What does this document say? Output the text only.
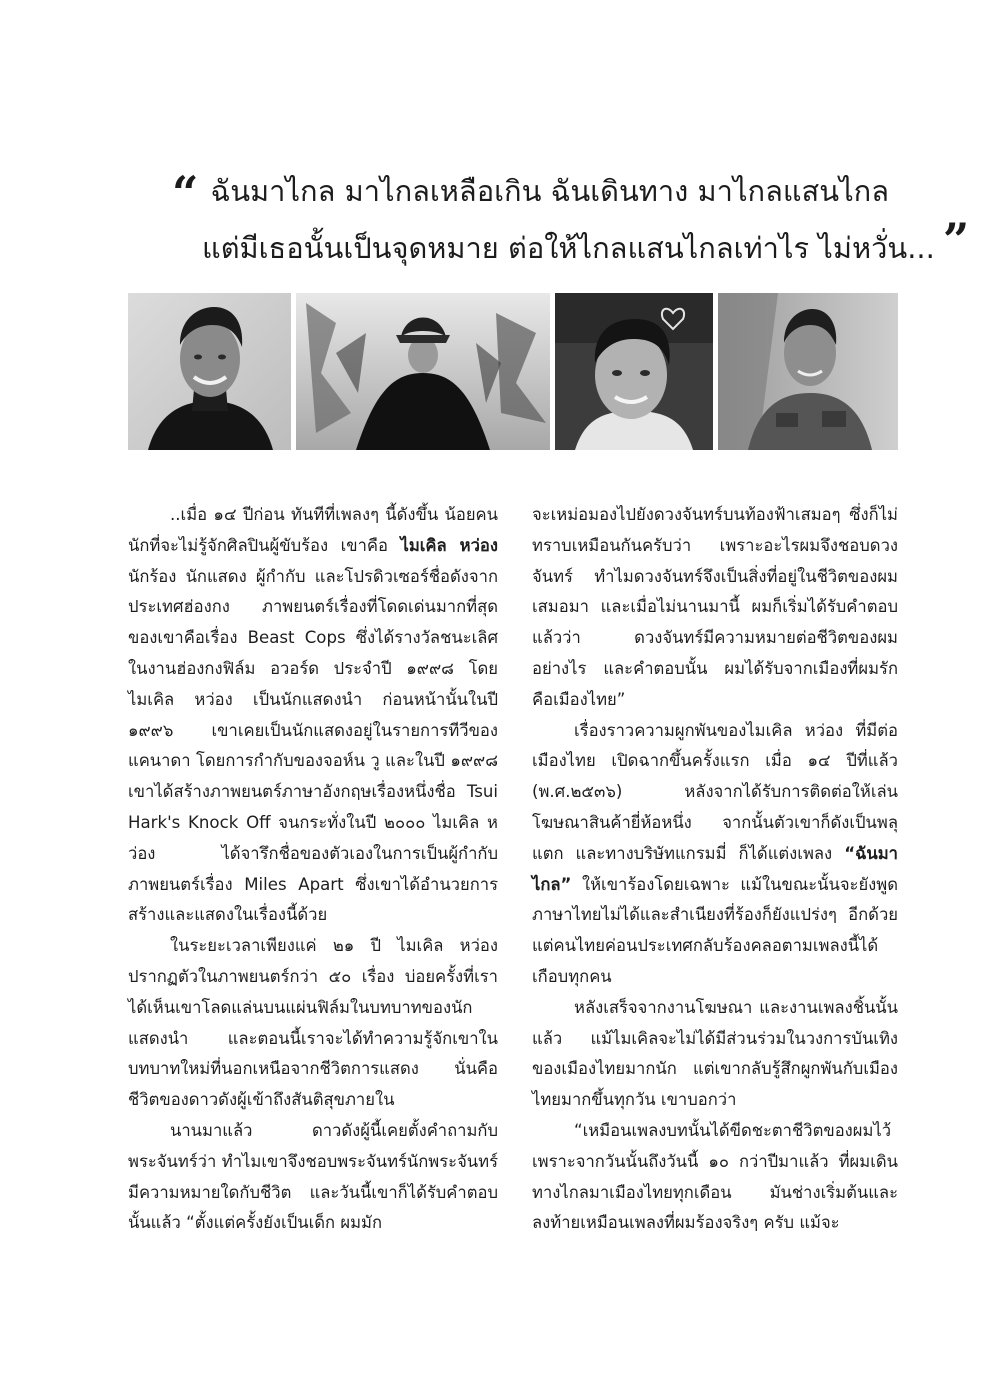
“ ฉันมาไกล มาไกลเหลือเกิน ฉันเดินทาง มาไกลแสนไกล
แต่มีเธอนั้นเป็นจุดหมาย ต่อให้ไกลแสนไกลเท่าไร ไม่หวั่น... ”

..เมื่อ ๑๔ ปีก่อน ทันทีที่เพลงๆ นี้ดังขึ้น น้อยคนนักที่จะไม่รู้จักศิลปินผู้ขับร้อง เขาคือ ไมเคิล หว่อง นักร้อง นักแสดง ผู้กำกับ และโปรดิวเซอร์ชื่อดังจากประเทศฮ่องกง ภาพยนตร์เรื่องที่โดดเด่นมากที่สุดของเขาคือเรื่อง Beast Cops ซึ่งได้รางวัลชนะเลิศในงานฮ่องกงฟิล์ม อวอร์ด ประจำปี ๑๙๙๘ โดย ไมเคิล หว่อง เป็นนักแสดงนำ ก่อนหน้านั้นในปี ๑๙๙๖ เขาเคยเป็นนักแสดงอยู่ในรายการทีวีของแคนาดา โดยการกำกับของจอห์น วู และในปี ๑๙๙๘ เขาได้สร้างภาพยนตร์ภาษาอังกฤษเรื่องหนึ่งชื่อ Tsui Hark's Knock Off จนกระทั่งในปี ๒๐๐๐ ไมเคิล หว่อง ได้จารึกชื่อของตัวเองในการเป็นผู้กำกับภาพยนตร์เรื่อง Miles Apart ซึ่งเขาได้อำนวยการสร้างและแสดงในเรื่องนี้ด้วย

ในระยะเวลาเพียงแค่ ๒๑ ปี ไมเคิล หว่อง ปรากฏตัวในภาพยนตร์กว่า ๕๐ เรื่อง บ่อยครั้งที่เราได้เห็นเขาโลดแล่นบนแผ่นฟิล์มในบทบาทของนักแสดงนำ และตอนนี้เราจะได้ทำความรู้จักเขาในบทบาทใหม่ที่นอกเหนือจากชีวิตการแสดง นั่นคือชีวิตของดาวดังผู้เข้าถึงสันติสุขภายใน

นานมาแล้ว ดาวดังผู้นี้เคยตั้งคำถามกับพระจันทร์ว่า ทำไมเขาจึงชอบพระจันทร์นักพระจันทร์มีความหมายใดกับชีวิต และวันนี้เขาก็ได้รับคำตอบนั้นแล้ว “ตั้งแต่ครั้งยังเป็นเด็ก ผมมัก

จะเหม่อมองไปยังดวงจันทร์บนท้องฟ้าเสมอๆ ซึ่งก็ไม่ทราบเหมือนกันครับว่า เพราะอะไรผมจึงชอบดวงจันทร์ ทำไมดวงจันทร์จึงเป็นสิ่งที่อยู่ในชีวิตของผมเสมอมา และเมื่อไม่นานมานี้ ผมก็เริ่มได้รับคำตอบแล้วว่า ดวงจันทร์มีความหมายต่อชีวิตของผมอย่างไร และคำตอบนั้น ผมได้รับจากเมืองที่ผมรัก คือเมืองไทย”

เรื่องราวความผูกพันของไมเคิล หว่อง ที่มีต่อเมืองไทย เปิดฉากขึ้นครั้งแรก เมื่อ ๑๔ ปีที่แล้ว (พ.ศ.๒๕๓๖) หลังจากได้รับการติดต่อให้เล่นโฆษณาสินค้ายี่ห้อหนึ่ง จากนั้นตัวเขาก็ดังเป็นพลุแตก และทางบริษัทแกรมมี่ ก็ได้แต่งเพลง “ฉันมาไกล” ให้เขาร้องโดยเฉพาะ แม้ในขณะนั้นจะยังพูดภาษาไทยไม่ได้และสำเนียงที่ร้องก็ยังแปร่งๆ อีกด้วย แต่คนไทยค่อนประเทศกลับร้องคลอตามเพลงนี้ได้เกือบทุกคน

หลังเสร็จจากงานโฆษณา และงานเพลงชิ้นนั้นแล้ว แม้ไมเคิลจะไม่ได้มีส่วนร่วมในวงการบันเทิงของเมืองไทยมากนัก แต่เขากลับรู้สึกผูกพันกับเมืองไทยมากขึ้นทุกวัน เขาบอกว่า

“เหมือนเพลงบทนั้นได้ขีดชะตาชีวิตของผมไว้ เพราะจากวันนั้นถึงวันนี้ ๑๐ กว่าปีมาแล้ว ที่ผมเดินทางไกลมาเมืองไทยทุกเดือน มันช่างเริ่มต้นและลงท้ายเหมือนเพลงที่ผมร้องจริงๆ ครับ แม้จะ
